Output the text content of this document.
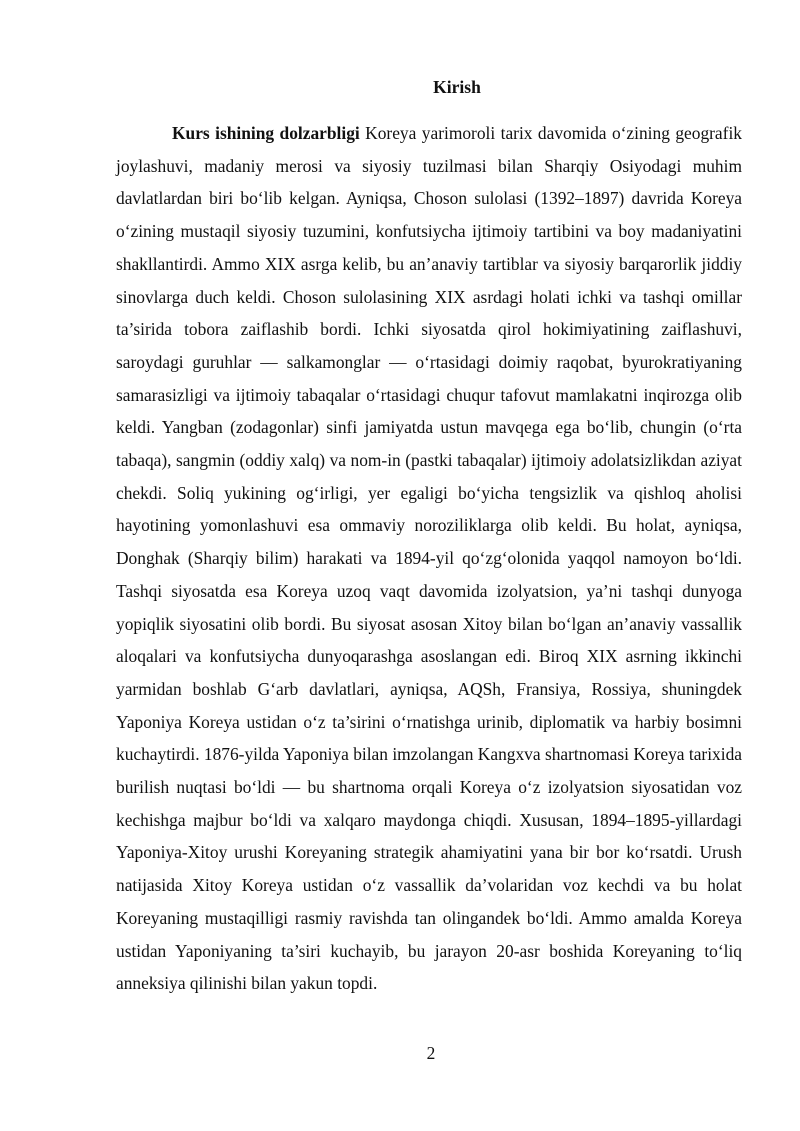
Kirish

Kurs ishining dolzarbligi Koreya yarimoroli tarix davomida o‘zining geografik joylashuvi, madaniy merosi va siyosiy tuzilmasi bilan Sharqiy Osiyodagi muhim davlatlardan biri bo‘lib kelgan. Ayniqsa, Choson sulolasi (1392–1897) davrida Koreya o‘zining mustaqil siyosiy tuzumini, konfutsiycha ijtimoiy tartibini va boy madaniyatini shakllantirdi. Ammo XIX asrga kelib, bu an’anaviy tartiblar va siyosiy barqarorlik jiddiy sinovlarga duch keldi. Choson sulolasining XIX asrdagi holati ichki va tashqi omillar ta’sirida tobora zaiflashib bordi. Ichki siyosatda qirol hokimiyatining zaiflashuvi, saroydagi guruhlar — salkamonglar — o‘rtasidagi doimiy raqobat, byurokratiyaning samarasizligi va ijtimoiy tabaqalar o‘rtasidagi chuqur tafovut mamlakatni inqirozga olib keldi. Yangban (zodagonlar) sinfi jamiyatda ustun mavqega ega bo‘lib, chungin (o‘rta tabaqa), sangmin (oddiy xalq) va nom-in (pastki tabaqalar) ijtimoiy adolatsizlikdan aziyat chekdi. Soliq yukining og‘irligi, yer egaligi bo‘yicha tengsizlik va qishloq aholisi hayotining yomonlashuvi esa ommaviy noroziliklarga olib keldi. Bu holat, ayniqsa, Donghak (Sharqiy bilim) harakati va 1894-yil qo‘zg‘olonida yaqqol namoyon bo‘ldi. Tashqi siyosatda esa Koreya uzoq vaqt davomida izolyatsion, ya’ni tashqi dunyoga yopiqlik siyosatini olib bordi. Bu siyosat asosan Xitoy bilan bo‘lgan an’anaviy vassallik aloqalari va konfutsiycha dunyoqarashga asoslangan edi. Biroq XIX asrning ikkinchi yarmidan boshlab G‘arb davlatlari, ayniqsa, AQSh, Fransiya, Rossiya, shuningdek Yaponiya Koreya ustidan o‘z ta’sirini o‘rnatishga urinib, diplomatik va harbiy bosimni kuchaytirdi. 1876-yilda Yaponiya bilan imzolangan Kangxva shartnomasi Koreya tarixida burilish nuqtasi bo‘ldi — bu shartnoma orqali Koreya o‘z izolyatsion siyosatidan voz kechishga majbur bo‘ldi va xalqaro maydonga chiqdi. Xususan, 1894–1895-yillardagi Yaponiya-Xitoy urushi Koreyaning strategik ahamiyatini yana bir bor ko‘rsatdi. Urush natijasida Xitoy Koreya ustidan o‘z vassallik da’volaridan voz kechdi va bu holat Koreyaning mustaqilligi rasmiy ravishda tan olingandek bo‘ldi. Ammo amalda Koreya ustidan Yaponiyaning ta’siri kuchayib, bu jarayon 20-asr boshida Koreyaning to‘liq anneksiya qilinishi bilan yakun topdi.

2
